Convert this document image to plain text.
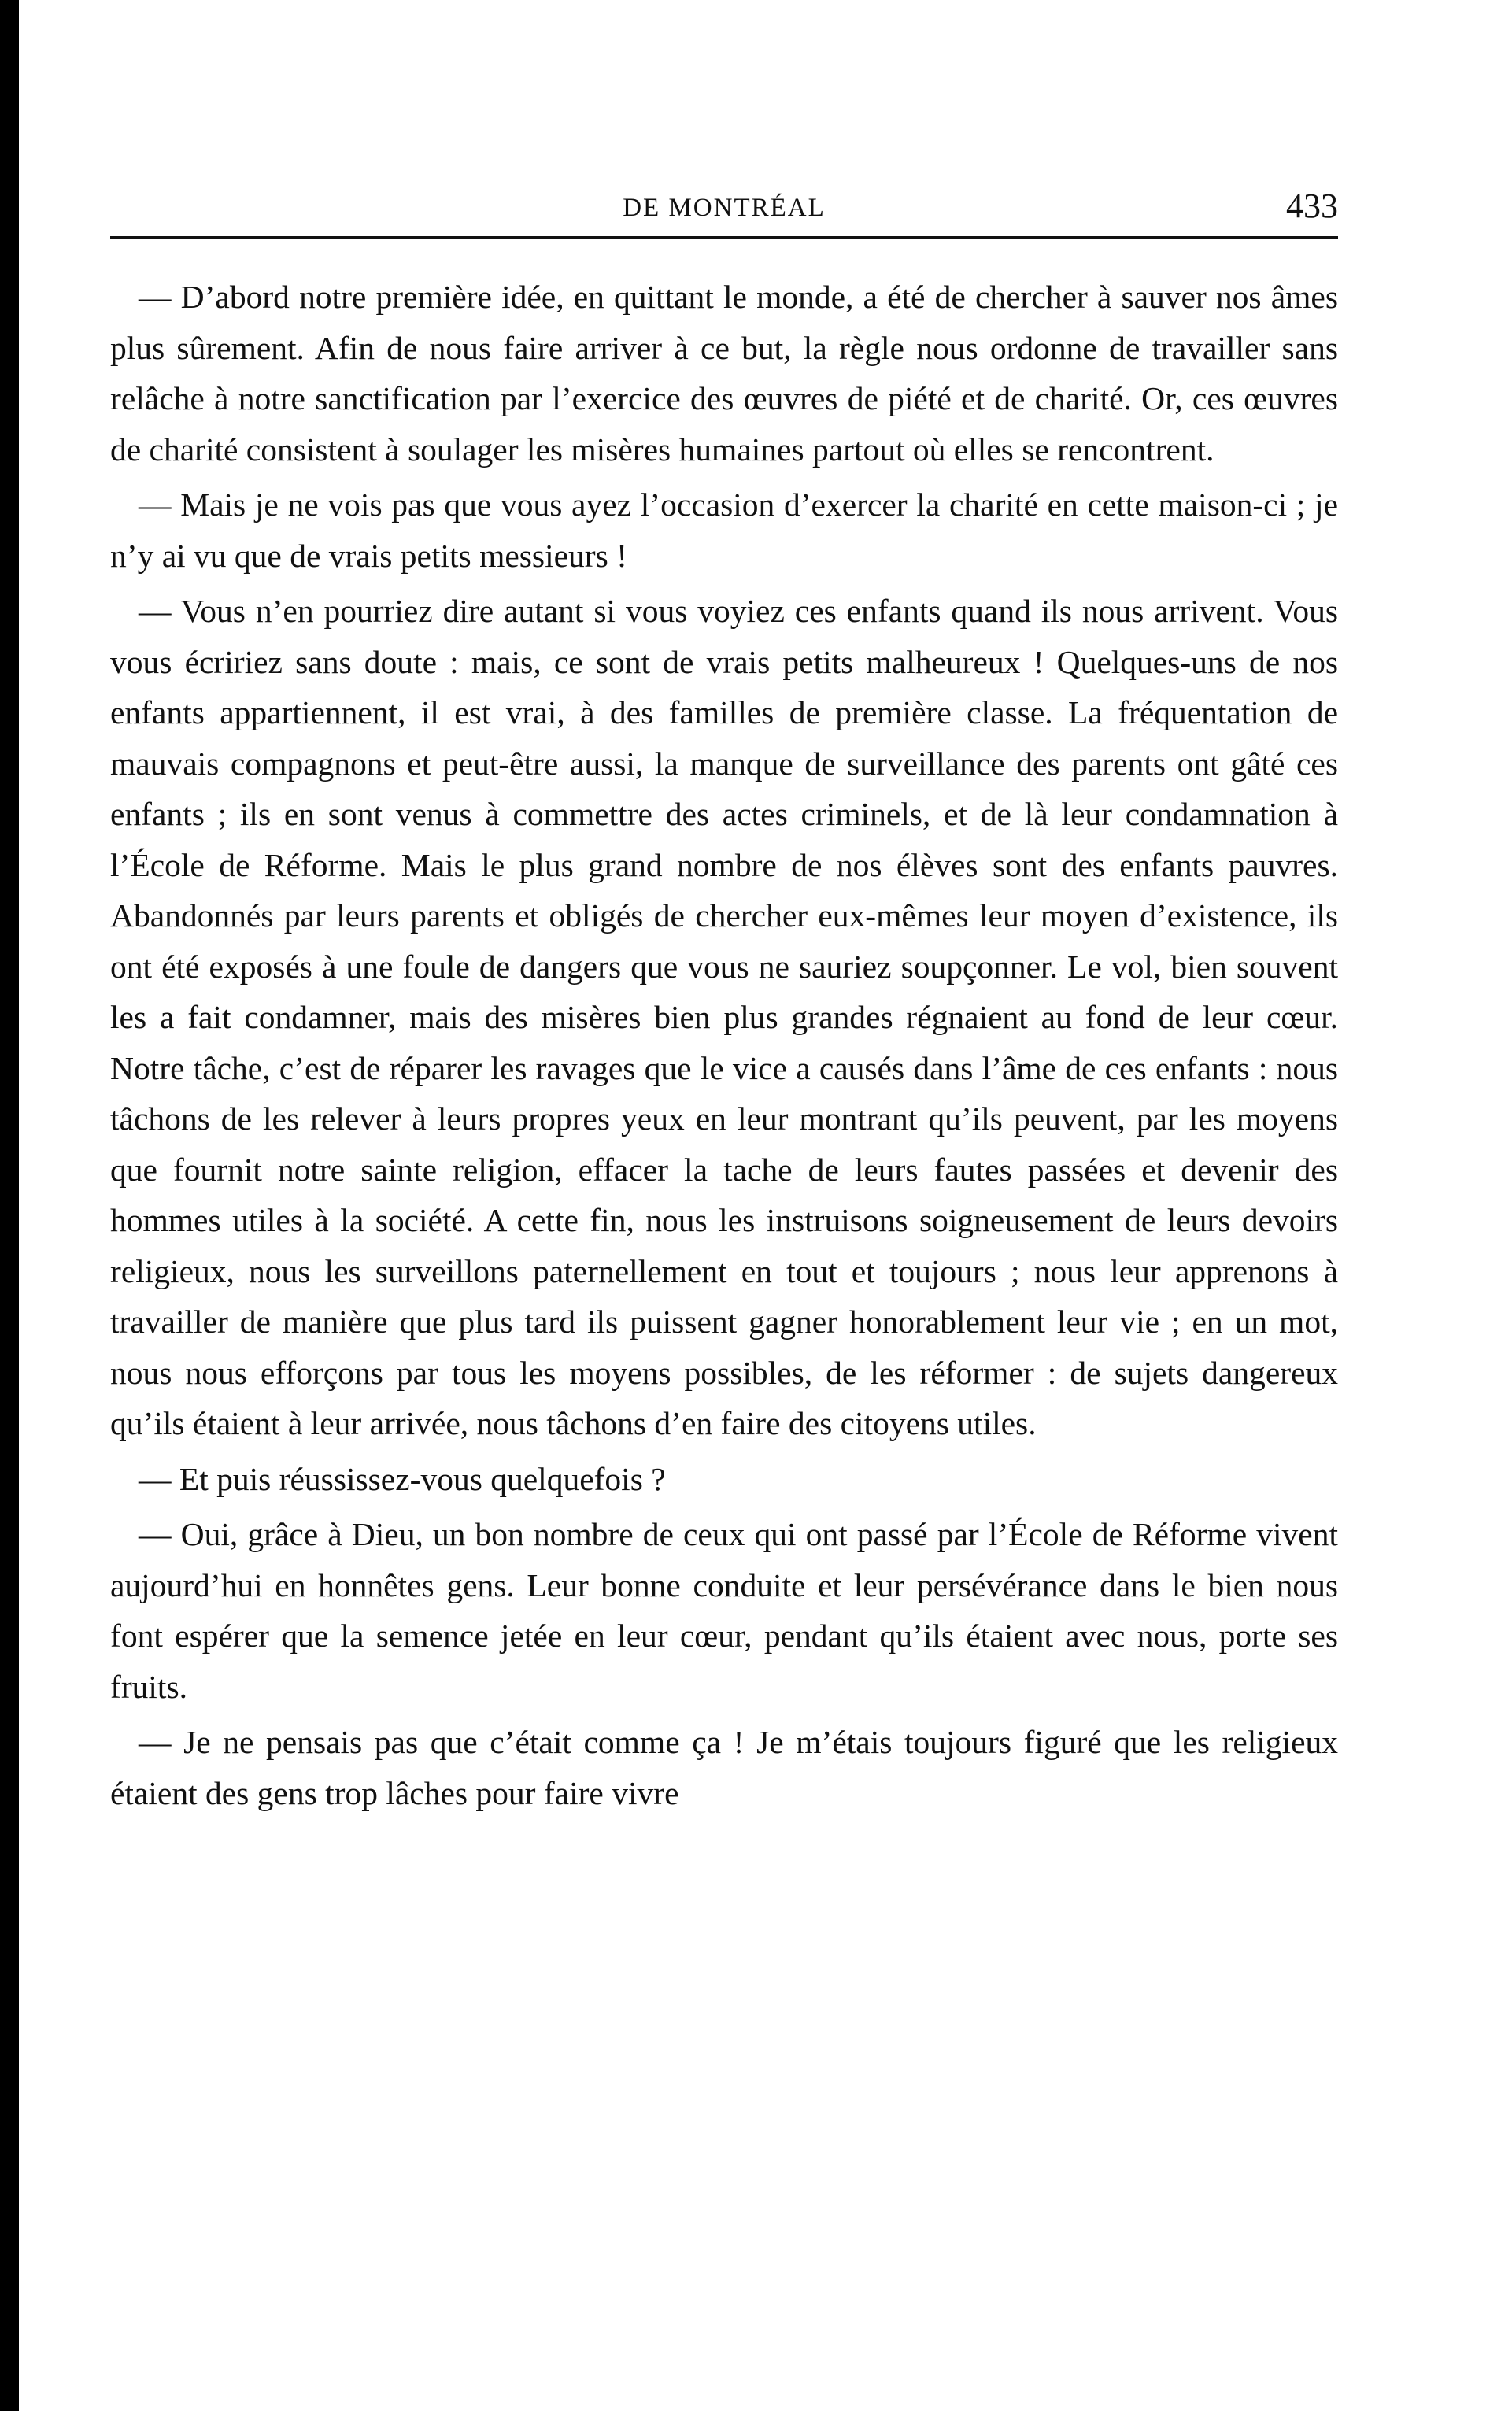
DE MONTRÉAL	433

— D’abord notre première idée, en quittant le monde, a été de chercher à sauver nos âmes plus sûrement. Afin de nous faire arriver à ce but, la règle nous ordonne de travailler sans relâche à notre sanctification par l’exercice des œuvres de piété et de charité. Or, ces œuvres de charité consistent à soulager les misères humaines partout où elles se rencontrent.

— Mais je ne vois pas que vous ayez l’occasion d’exercer la charité en cette maison-ci ; je n’y ai vu que de vrais petits messieurs !

— Vous n’en pourriez dire autant si vous voyiez ces enfants quand ils nous arrivent. Vous vous écririez sans doute : mais, ce sont de vrais petits malheureux ! Quelques-uns de nos enfants appartiennent, il est vrai, à des familles de première classe. La fréquentation de mauvais compagnons et peut-être aussi, la manque de surveillance des parents ont gâté ces enfants ; ils en sont venus à commettre des actes criminels, et de là leur condamnation à l’École de Réforme. Mais le plus grand nombre de nos élèves sont des enfants pauvres. Abandonnés par leurs parents et obligés de chercher eux-mêmes leur moyen d’existence, ils ont été exposés à une foule de dangers que vous ne sauriez soupçonner. Le vol, bien souvent les a fait condamner, mais des misères bien plus grandes régnaient au fond de leur cœur. Notre tâche, c’est de réparer les ravages que le vice a causés dans l’âme de ces enfants : nous tâchons de les relever à leurs propres yeux en leur montrant qu’ils peuvent, par les moyens que fournit notre sainte religion, effacer la tache de leurs fautes passées et devenir des hommes utiles à la société. A cette fin, nous les instruisons soigneusement de leurs devoirs religieux, nous les surveillons paternellement en tout et toujours ; nous leur apprenons à travailler de manière que plus tard ils puissent gagner honorablement leur vie ; en un mot, nous nous efforçons par tous les moyens possibles, de les réformer : de sujets dangereux qu’ils étaient à leur arrivée, nous tâchons d’en faire des citoyens utiles.

— Et puis réussissez-vous quelquefois ?

— Oui, grâce à Dieu, un bon nombre de ceux qui ont passé par l’École de Réforme vivent aujourd’hui en honnêtes gens. Leur bonne conduite et leur persévérance dans le bien nous font espérer que la semence jetée en leur cœur, pendant qu’ils étaient avec nous, porte ses fruits.

— Je ne pensais pas que c’était comme ça ! Je m’étais toujours figuré que les religieux étaient des gens trop lâches pour faire vivre
